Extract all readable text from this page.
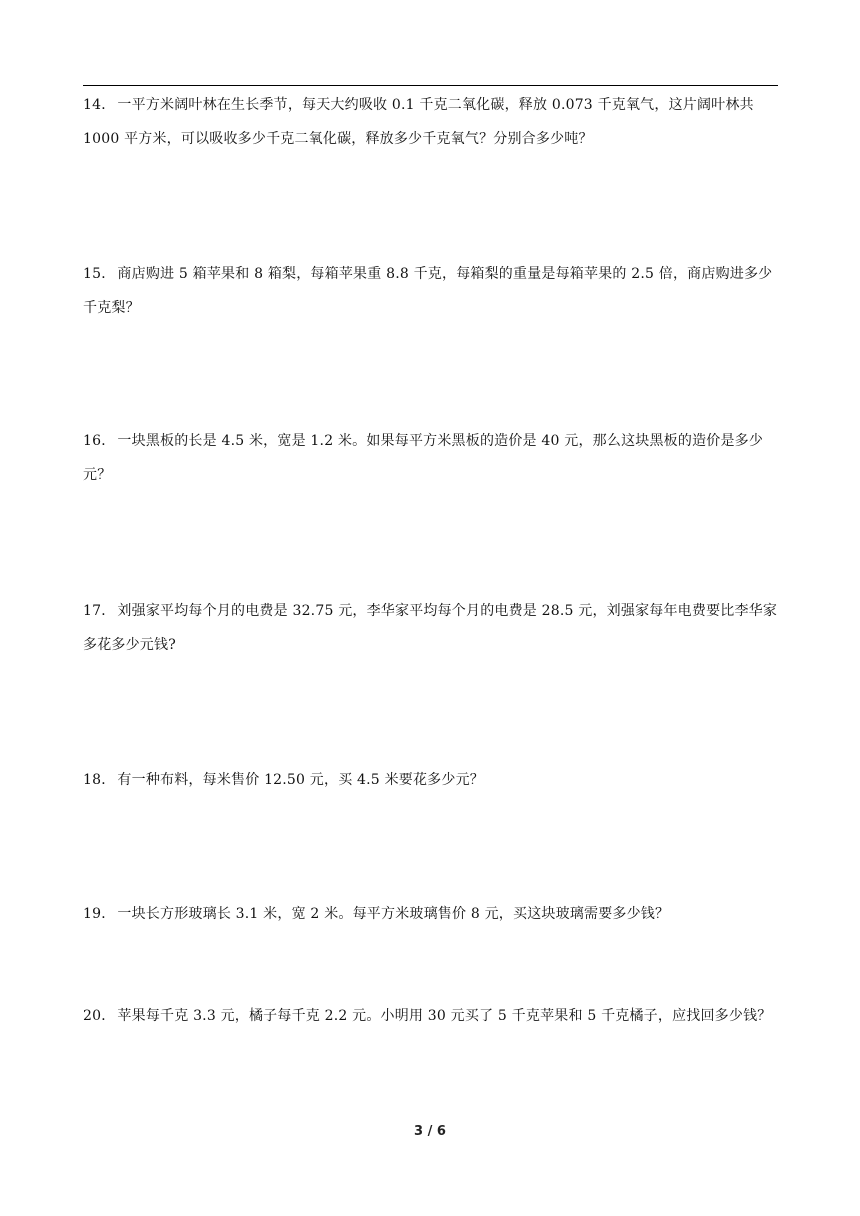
14． 一平方米阔叶林在生长季节，每天大约吸收 0.1 千克二氧化碳，释放 0.073 千克氧气，这片阔叶林共 1000 平方米，可以吸收多少千克二氧化碳，释放多少千克氧气？分别合多少吨？

15． 商店购进 5 箱苹果和 8 箱梨，每箱苹果重 8.8 千克，每箱梨的重量是每箱苹果的 2.5 倍，商店购进多少千克梨？

16． 一块黑板的长是 4.5 米，宽是 1.2 米。如果每平方米黑板的造价是 40 元，那么这块黑板的造价是多少元？

17． 刘强家平均每个月的电费是 32.75 元，李华家平均每个月的电费是 28.5 元，刘强家每年电费要比李华家多花多少元钱?

18． 有一种布料，每米售价 12.50 元，买 4.5 米要花多少元？

19． 一块长方形玻璃长 3.1 米，宽 2 米。每平方米玻璃售价 8 元，买这块玻璃需要多少钱？

20． 苹果每千克 3.3 元，橘子每千克 2.2 元。小明用 30 元买了 5 千克苹果和 5 千克橘子，应找回多少钱？

3 / 6
